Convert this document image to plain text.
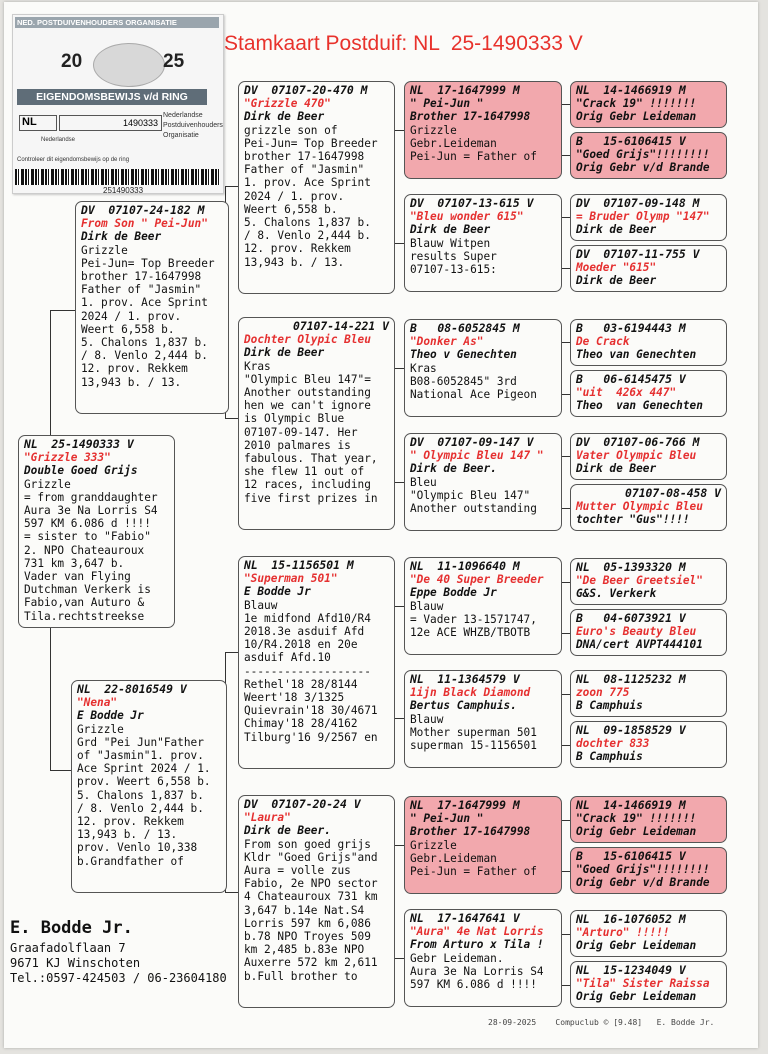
Stamkaart Postduif: NL  25-1490333 V
NED. POSTDUIVENHOUDERS ORGANISATIE
20	25
EIGENDOMSBEWIJS v/d RING
NL	1490333
Nederlandse
Nederlandse
Postduivenhouders
Organisatie
Controleer dit eigendomsbewijs op de ring
251490333
NL  25-1490333 V
"Grizzle 333"
Double Goed Grijs
Grizzle
= from granddaughter
Aura 3e Na Lorris S4
597 KM 6.086 d !!!!
= sister to "Fabio"
2. NPO Chateauroux
731 km 3,647 b.
Vader van Flying
Dutchman Verkerk is
Fabio,van Auturo &
Tila.rechtstreekse
DV  07107-24-182 M
From Son " Pei-Jun"
Dirk de Beer
Grizzle
Pei-Jun= Top Breeder
brother 17-1647998
Father of "Jasmin"
1. prov. Ace Sprint
2024 / 1. prov.
Weert 6,558 b.
5. Chalons 1,837 b.
/ 8. Venlo 2,444 b.
12. prov. Rekkem
13,943 b. / 13.
NL  22-8016549 V
"Nena"
E Bodde Jr
Grizzle
Grd "Pei Jun"Father
of "Jasmin"1. prov.
Ace Sprint 2024 / 1.
prov. Weert 6,558 b.
5. Chalons 1,837 b.
/ 8. Venlo 2,444 b.
12. prov. Rekkem
13,943 b. / 13.
prov. Venlo 10,338
b.Grandfather of
DV  07107-20-470 M
"Grizzle 470"
Dirk de Beer
grizzle son of
Pei-Jun= Top Breeder
brother 17-1647998
Father of "Jasmin"
1. prov. Ace Sprint
2024 / 1. prov.
Weert 6,558 b.
5. Chalons 1,837 b.
/ 8. Venlo 2,444 b.
12. prov. Rekkem
13,943 b. / 13.
07107-14-221 V
Dochter Olypic Bleu
Dirk de Beer
Kras
"Olympic Bleu 147"=
Another outstanding
hen we can't ignore
is Olympic Blue
07107-09-147. Her
2010 palmares is
fabulous. That year,
she flew 11 out of
12 races, including
five first prizes in
NL  15-1156501 M
"Superman 501"
E Bodde Jr
Blauw
1e midfond Afd10/R4
2018.3e asduif Afd
10/R4.2018 en 20e
asduif Afd.10
-------------------
Rethel'18 28/8144
Weert'18 3/1325
Quievrain'18 30/4671
Chimay'18 28/4162
Tilburg'16 9/2567 en
DV  07107-20-24 V
"Laura"
Dirk de Beer.
From son goed grijs
Kldr "Goed Grijs"and
Aura = volle zus
Fabio, 2e NPO sector
4 Chateauroux 731 km
3,647 b.14e Nat.S4
Lorris 597 km 6,086
b.78 NPO Troyes 509
km 2,485 b.83e NPO
Auxerre 572 km 2,611
b.Full brother to
NL  17-1647999 M
" Pei-Jun "
Brother 17-1647998
Grizzle
Gebr.Leideman
Pei-Jun = Father of
DV  07107-13-615 V
"Bleu wonder 615"
Dirk de Beer
Blauw Witpen
results Super
07107-13-615:
B   08-6052845 M
"Donker As"
Theo v Genechten
Kras
B08-6052845" 3rd
National Ace Pigeon
DV  07107-09-147 V
" Olympic Bleu 147 "
Dirk de Beer.
Bleu
"Olympic Bleu 147"
Another outstanding
NL  11-1096640 M
"De 40 Super Breeder
Eppe Bodde Jr
Blauw
= Vader 13-1571747,
12e ACE WHZB/TBOTB
NL  11-1364579 V
1ijn Black Diamond
Bertus Camphuis.
Blauw
Mother superman 501
superman 15-1156501
NL  17-1647999 M
" Pei-Jun "
Brother 17-1647998
Grizzle
Gebr.Leideman
Pei-Jun = Father of
NL  17-1647641 V
"Aura" 4e Nat Lorris
From Arturo x Tila !
Gebr Leideman.
Aura 3e Na Lorris S4
597 KM 6.086 d !!!!
NL  14-1466919 M
"Crack 19" !!!!!!!
Orig Gebr Leideman
B   15-6106415 V
"Goed Grijs"!!!!!!!!
Orig Gebr v/d Brande
DV  07107-09-148 M
= Bruder Olymp "147"
Dirk de Beer
DV  07107-11-755 V
Moeder "615"
Dirk de Beer
B   03-6194443 M
De Crack
Theo van Genechten
B   06-6145475 V
"uit  426x 447"
Theo  van Genechten
DV  07107-06-766 M
Vater Olympic Bleu
Dirk de Beer
07107-08-458 V
Mutter Olympic Bleu
tochter "Gus"!!!!
NL  05-1393320 M
"De Beer Greetsiel"
G&S. Verkerk
B   04-6073921 V
Euro's Beauty Bleu
DNA/cert AVPT444101
NL  08-1125232 M
zoon 775
B Camphuis
NL  09-1858529 V
dochter 833
B Camphuis
NL  14-1466919 M
"Crack 19" !!!!!!!
Orig Gebr Leideman
B   15-6106415 V
"Goed Grijs"!!!!!!!!
Orig Gebr v/d Brande
NL  16-1076052 M
"Arturo" !!!!!
Orig Gebr Leideman
NL  15-1234049 V
"Tila" Sister Raissa
Orig Gebr Leideman
E. Bodde Jr.
Graafadolflaan 7
9671 KJ Winschoten
Tel.:0597-424503 / 06-23604180
28-09-2025    Compuclub © [9.48]   E. Bodde Jr.
